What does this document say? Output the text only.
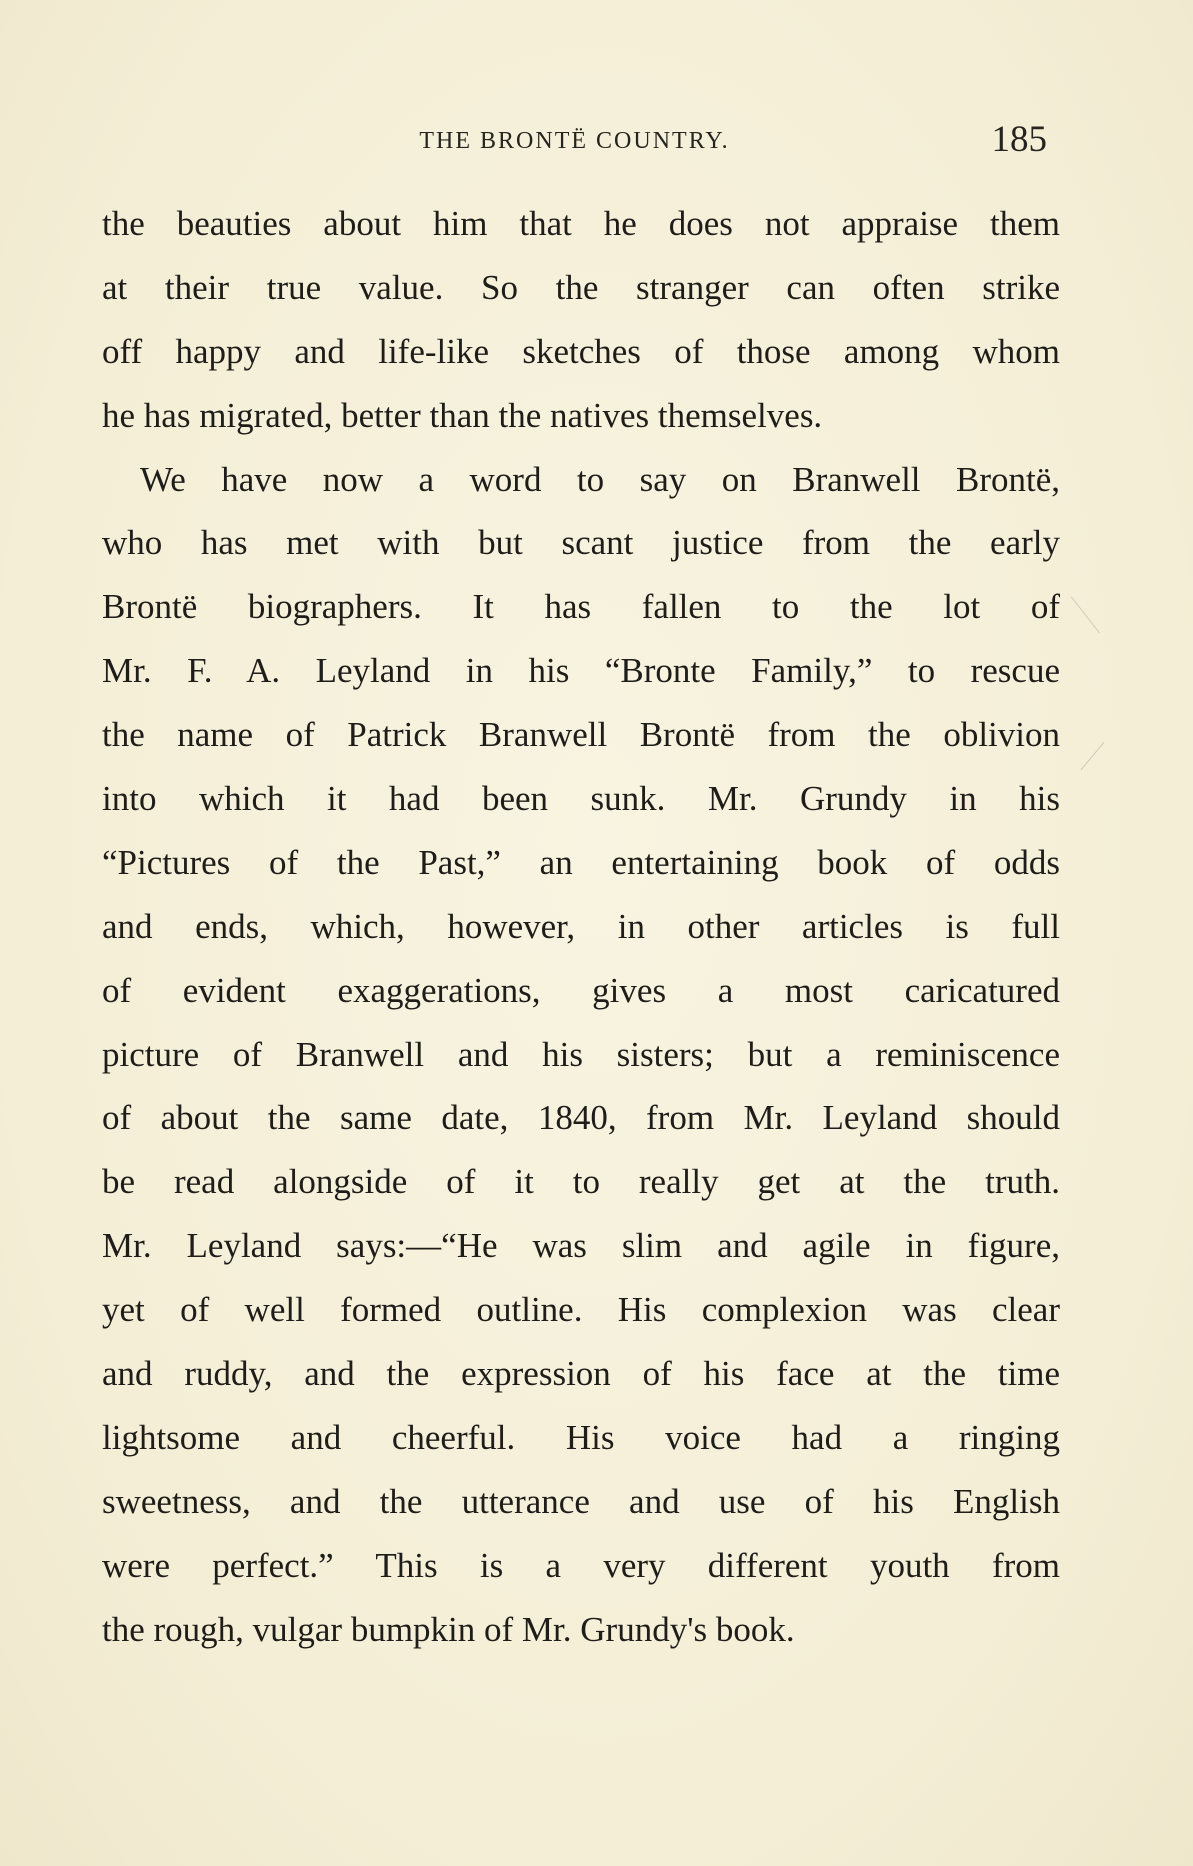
THE BRONTË COUNTRY.	185
the beauties about him that he does not appraise them
at their true value. So the stranger can often strike
off happy and life-like sketches of those among whom
he has migrated, better than the natives themselves.
We have now a word to say on Branwell Brontë,
who has met with but scant justice from the early
Brontë biographers. It has fallen to the lot of
Mr. F. A. Leyland in his “Bronte Family,” to rescue
the name of Patrick Branwell Brontë from the oblivion
into which it had been sunk. Mr. Grundy in his
“Pictures of the Past,” an entertaining book of odds
and ends, which, however, in other articles is full
of evident exaggerations, gives a most caricatured
picture of Branwell and his sisters; but a reminiscence
of about the same date, 1840, from Mr. Leyland should
be read alongside of it to really get at the truth.
Mr. Leyland says:—“He was slim and agile in figure,
yet of well formed outline. His complexion was clear
and ruddy, and the expression of his face at the time
lightsome and cheerful. His voice had a ringing
sweetness, and the utterance and use of his English
were perfect.” This is a very different youth from
the rough, vulgar bumpkin of Mr. Grundy's book.
